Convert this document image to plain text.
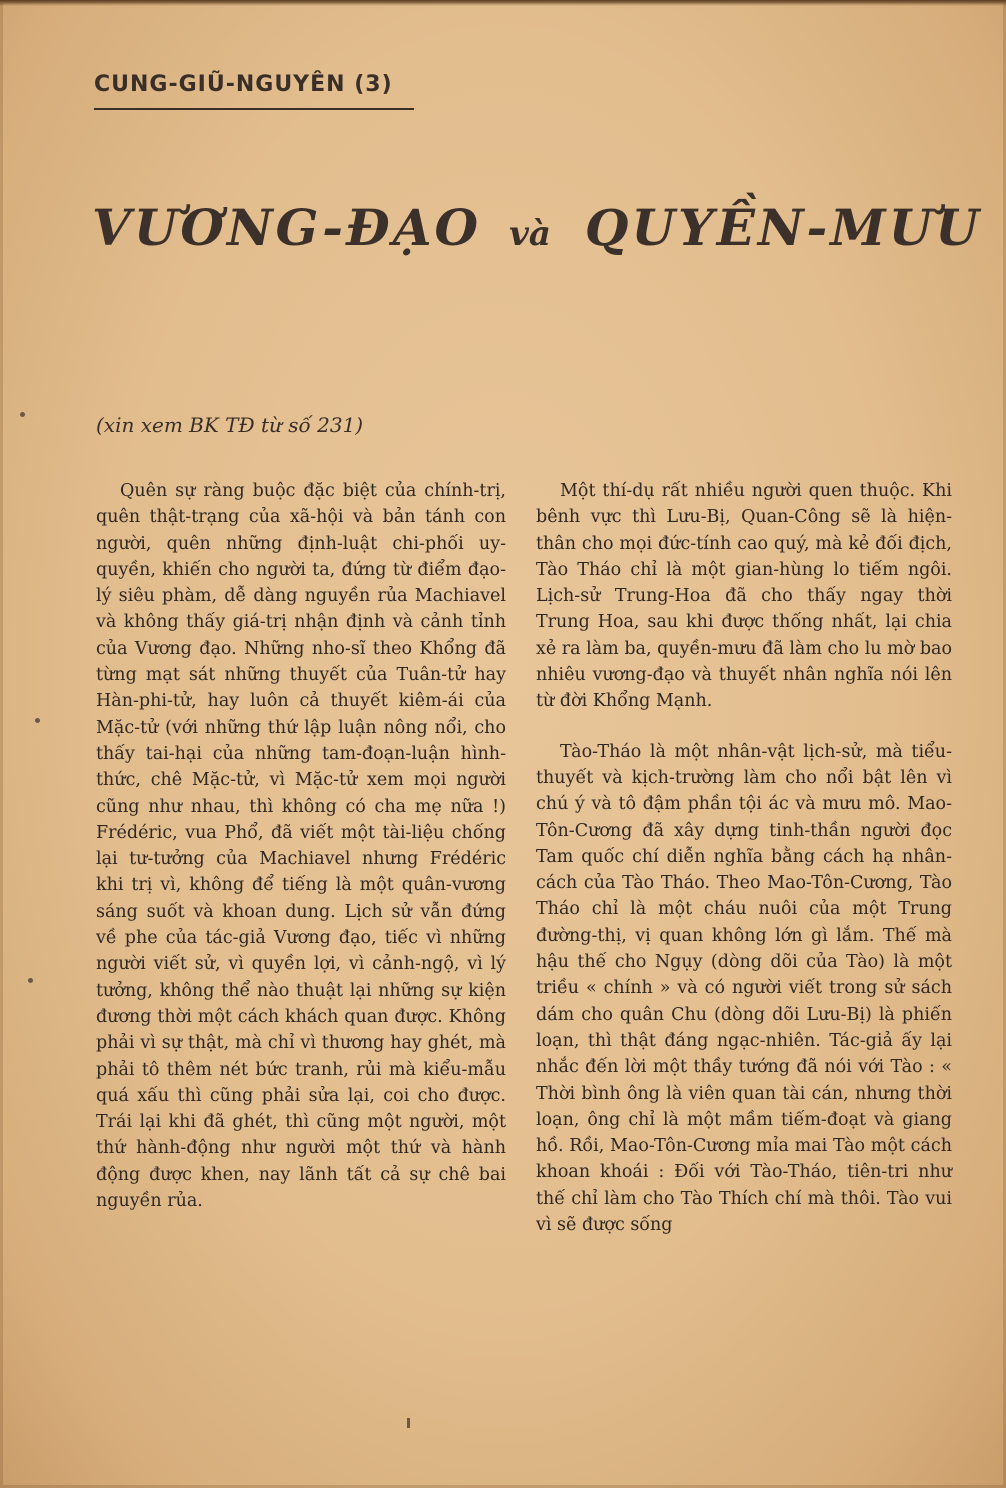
CUNG-GIŨ-NGUYÊN (3)
VƯƠNG-ĐẠO và QUYỀN-MƯU

(xin xem BK TĐ từ số 231)

Quên sự ràng buộc đặc biệt của chính-trị, quên thật-trạng của xã-hội và bản tánh con người, quên những định-luật chi-phối uy-quyền, khiến cho người ta, đứng từ điểm đạo-lý siêu phàm, dễ dàng nguyền rủa Machiavel và không thấy giá-trị nhận định và cảnh tỉnh của Vương đạo. Những nho-sĩ theo Khổng đã từng mạt sát những thuyết của Tuân-tử hay Hàn-phi-tử, hay luôn cả thuyết kiêm-ái của Mặc-tử (với những thứ lập luận nông nổi, cho thấy tai-hại của những tam-đoạn-luận hình-thức, chê Mặc-tử, vì Mặc-tử xem mọi người cũng như nhau, thì không có cha mẹ nữa !) Frédéric, vua Phổ, đã viết một tài-liệu chống lại tư-tưởng của Machiavel nhưng Frédéric khi trị vì, không để tiếng là một quân-vương sáng suốt và khoan dung. Lịch sử vẫn đứng về phe của tác-giả Vương đạo, tiếc vì những người viết sử, vì quyền lợi, vì cảnh-ngộ, vì lý tưởng, không thể nào thuật lại những sự kiện đương thời một cách khách quan được. Không phải vì sự thật, mà chỉ vì thương hay ghét, mà phải tô thêm nét bức tranh, rủi mà kiểu-mẫu quá xấu thì cũng phải sửa lại, coi cho được. Trái lại khi đã ghét, thì cũng một người, một thứ hành-động như người một thứ và hành động được khen, nay lãnh tất cả sự chê bai nguyền rủa.

Một thí-dụ rất nhiều người quen thuộc. Khi bênh vực thì Lưu-Bị, Quan-Công sẽ là hiện-thân cho mọi đức-tính cao quý, mà kẻ đối địch, Tào Tháo chỉ là một gian-hùng lo tiếm ngôi. Lịch-sử Trung-Hoa đã cho thấy ngay thời Trung Hoa, sau khi được thống nhất, lại chia xẻ ra làm ba, quyền-mưu đã làm cho lu mờ bao nhiêu vương-đạo và thuyết nhân nghĩa nói lên từ đời Khổng Mạnh.

Tào-Tháo là một nhân-vật lịch-sử, mà tiểu-thuyết và kịch-trường làm cho nổi bật lên vì chú ý và tô đậm phần tội ác và mưu mô. Mao-Tôn-Cương đã xây dựng tinh-thần người đọc Tam quốc chí diễn nghĩa bằng cách hạ nhân-cách của Tào Tháo. Theo Mao-Tôn-Cương, Tào Tháo chỉ là một cháu nuôi của một Trung đường-thị, vị quan không lớn gì lắm. Thế mà hậu thế cho Ngụy (dòng dõi của Tào) là một triều « chính » và có người viết trong sử sách dám cho quân Chu (dòng dõi Lưu-Bị) là phiến loạn, thì thật đáng ngạc-nhiên. Tác-giả ấy lại nhắc đến lời một thầy tướng đã nói với Tào : « Thời bình ông là viên quan tài cán, nhưng thời loạn, ông chỉ là một mầm tiếm-đoạt và giang hồ. Rồi, Mao-Tôn-Cương mỉa mai Tào một cách khoan khoái : Đối với Tào-Tháo, tiên-tri như thế chỉ làm cho Tào Thích chí mà thôi. Tào vui vì sẽ được sống
